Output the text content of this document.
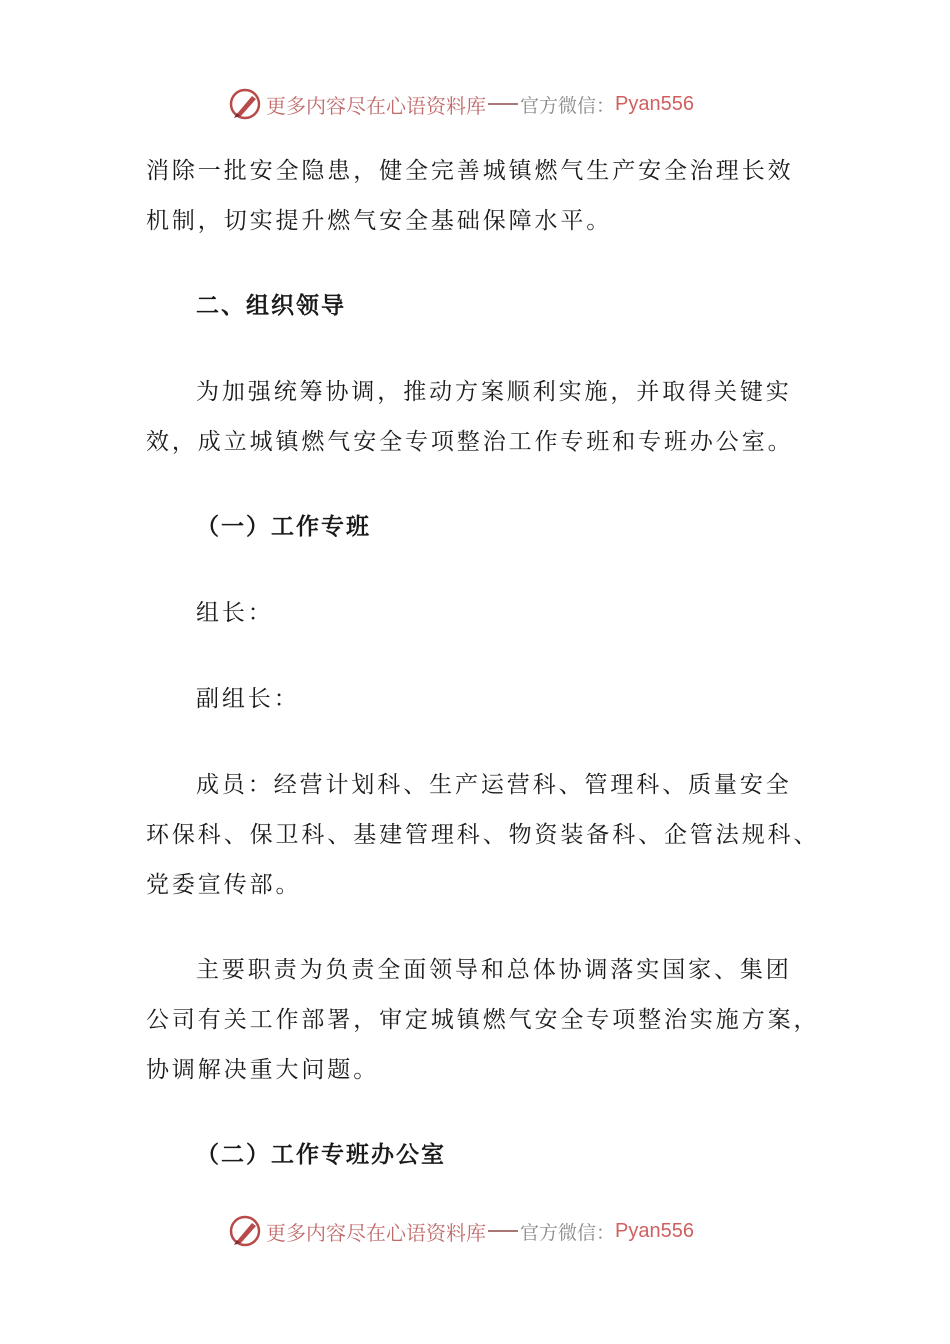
更多内容尽在心语资料库 官方微信： Pyan556
消除一批安全隐患，健全完善城镇燃气生产安全治理长效
机制，切实提升燃气安全基础保障水平。
二、组织领导
为加强统筹协调，推动方案顺利实施，并取得关键实
效，成立城镇燃气安全专项整治工作专班和专班办公室。
（一）工作专班
组长：
副组长：
成员：经营计划科、生产运营科、管理科、质量安全
环保科、保卫科、基建管理科、物资装备科、企管法规科、
党委宣传部。
主要职责为负责全面领导和总体协调落实国家、集团
公司有关工作部署，审定城镇燃气安全专项整治实施方案，
协调解决重大问题。
（二）工作专班办公室
更多内容尽在心语资料库 官方微信： Pyan556
